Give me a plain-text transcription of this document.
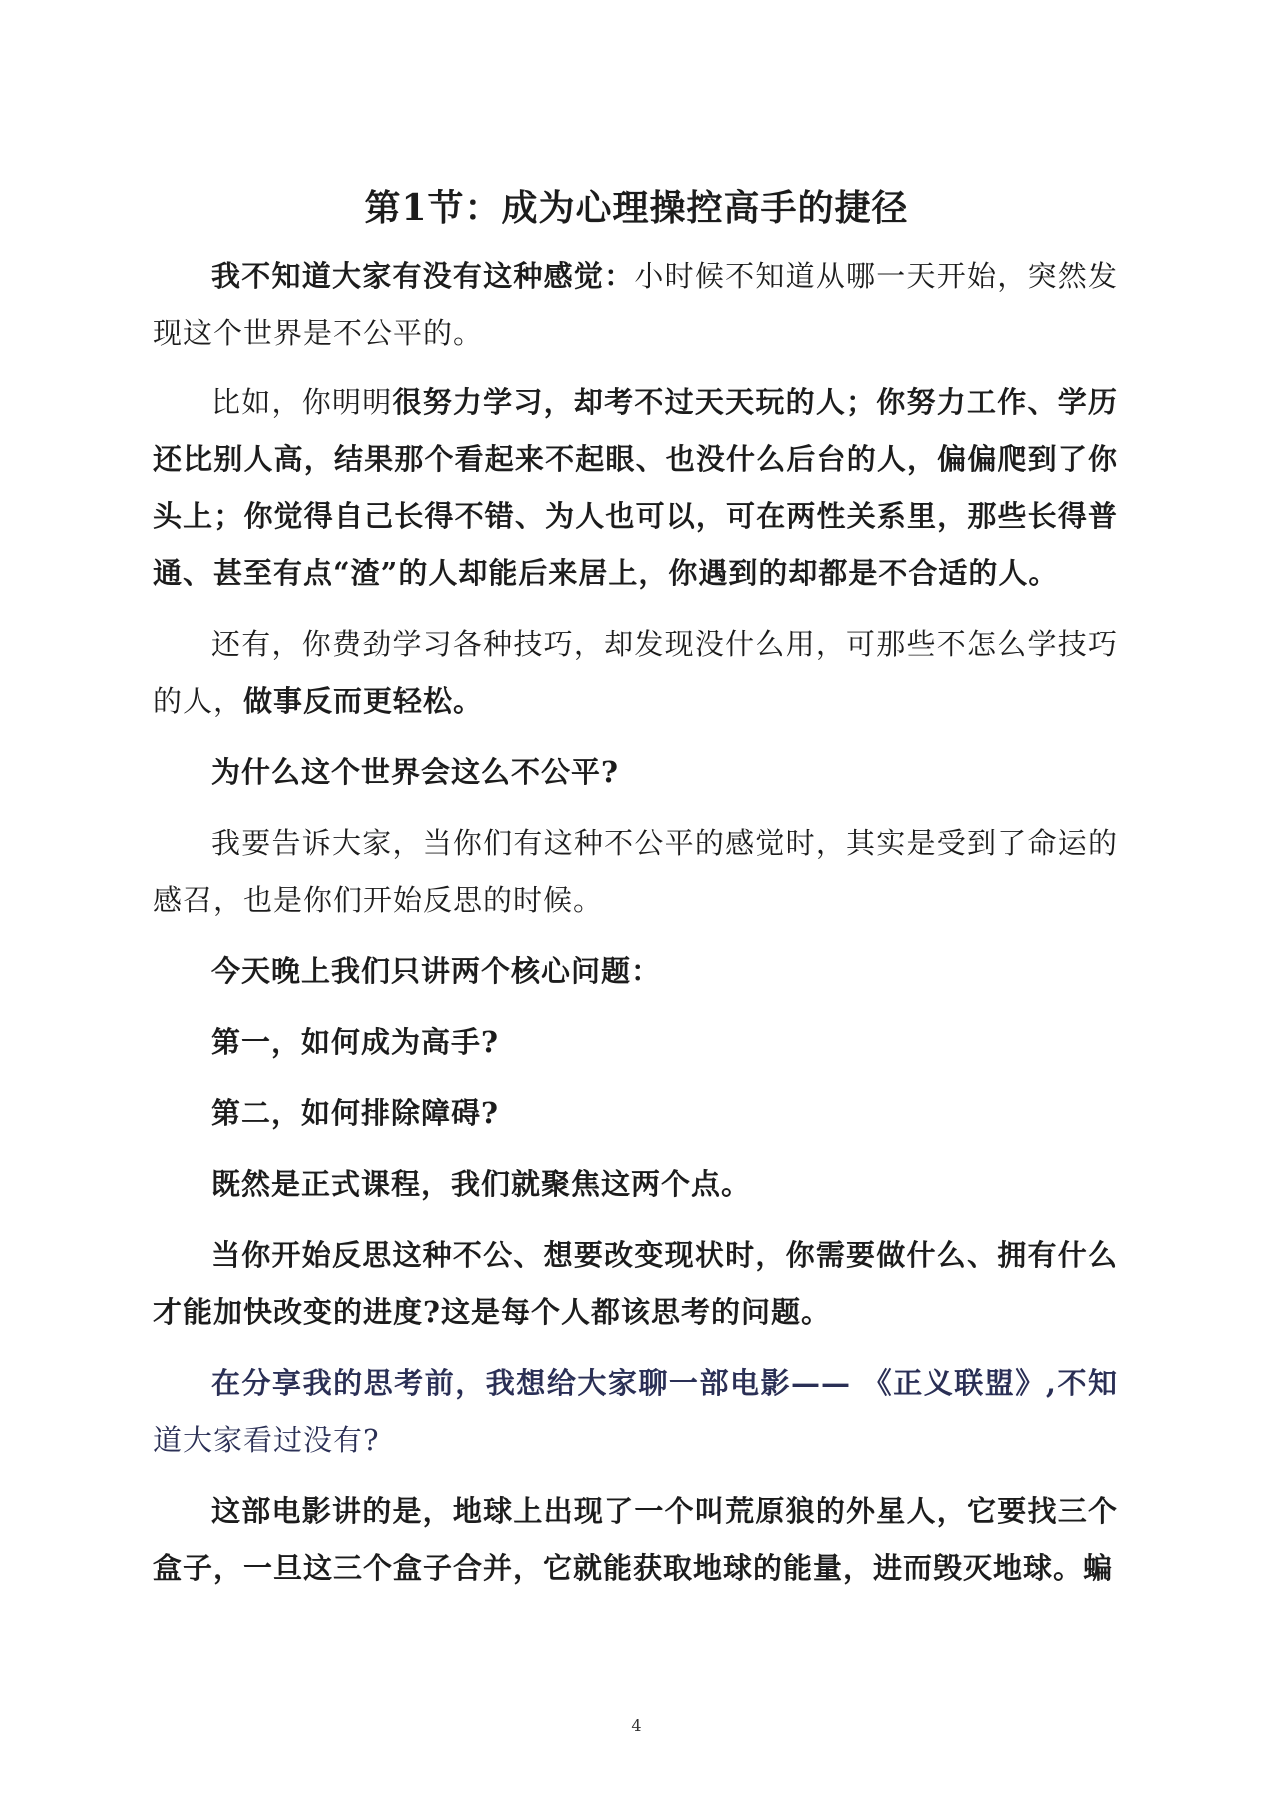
第1节：成为心理操控高手的捷径

我不知道大家有没有这种感觉：小时候不知道从哪一天开始，突然发现这个世界是不公平的。

比如，你明明很努力学习，却考不过天天玩的人；你努力工作、学历还比别人高，结果那个看起来不起眼、也没什么后台的人，偏偏爬到了你头上；你觉得自己长得不错、为人也可以，可在两性关系里，那些长得普通、甚至有点“渣”的人却能后来居上，你遇到的却都是不合适的人。

还有，你费劲学习各种技巧，却发现没什么用，可那些不怎么学技巧的人，做事反而更轻松。

为什么这个世界会这么不公平?

我要告诉大家，当你们有这种不公平的感觉时，其实是受到了命运的感召，也是你们开始反思的时候。

今天晚上我们只讲两个核心问题：

第一，如何成为高手?

第二，如何排除障碍?

既然是正式课程，我们就聚焦这两个点。

当你开始反思这种不公、想要改变现状时，你需要做什么、拥有什么才能加快改变的进度?这是每个人都该思考的问题。

在分享我的思考前，我想给大家聊一部电影—— 《正义联盟》,不知道大家看过没有?

这部电影讲的是，地球上出现了一个叫荒原狼的外星人，它要找三个盒子，一旦这三个盒子合并，它就能获取地球的能量，进而毁灭地球。蝙

4
